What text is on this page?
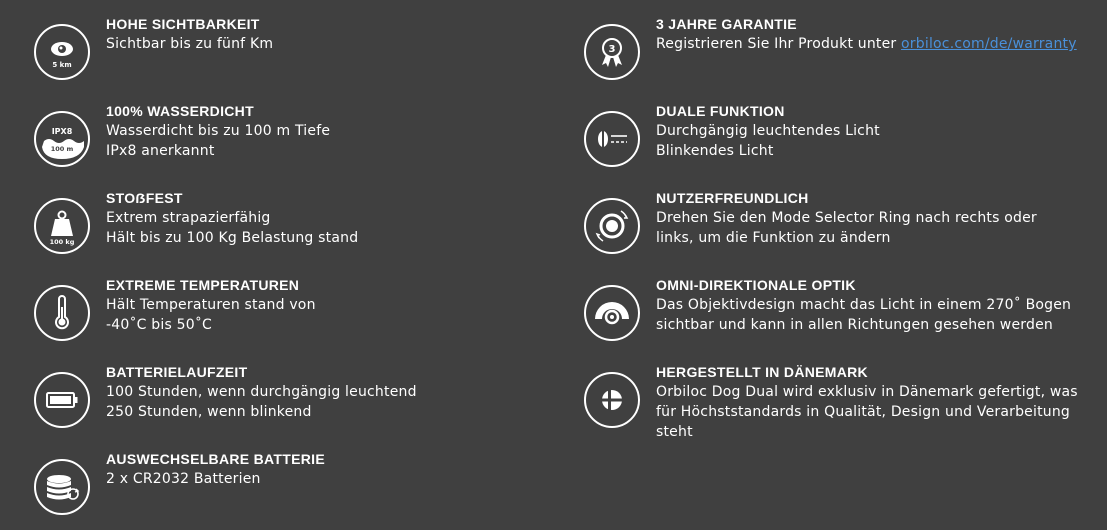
5 km
HOHE SICHTBARKEIT
Sichtbar bis zu fünf Km
IPX8
100 m
100% WASSERDICHT
Wasserdicht bis zu 100 m Tiefe
IPx8 anerkannt
100 kg
STOẞFEST
Extrem strapazierfähig
Hält bis zu 100 Kg Belastung stand
EXTREME TEMPERATUREN
Hält Temperaturen stand von
-40˚C bis 50˚C
BATTERIELAUFZEIT
100 Stunden, wenn durchgängig leuchtend
250 Stunden, wenn blinkend
AUSWECHSELBARE BATTERIE
2 x CR2032 Batterien
3
3 JAHRE GARANTIE
Registrieren Sie Ihr Produkt unter orbiloc.com/de/warranty
DUALE FUNKTION
Durchgängig leuchtendes Licht
Blinkendes Licht
NUTZERFREUNDLICH
Drehen Sie den Mode Selector Ring nach rechts oder
links, um die Funktion zu ändern
OMNI-DIREKTIONALE OPTIK
Das Objektivdesign macht das Licht in einem 270˚ Bogen
sichtbar und kann in allen Richtungen gesehen werden
HERGESTELLT IN DÄNEMARK
Orbiloc Dog Dual wird exklusiv in Dänemark gefertigt, was
für Höchststandards in Qualität, Design und Verarbeitung
steht
